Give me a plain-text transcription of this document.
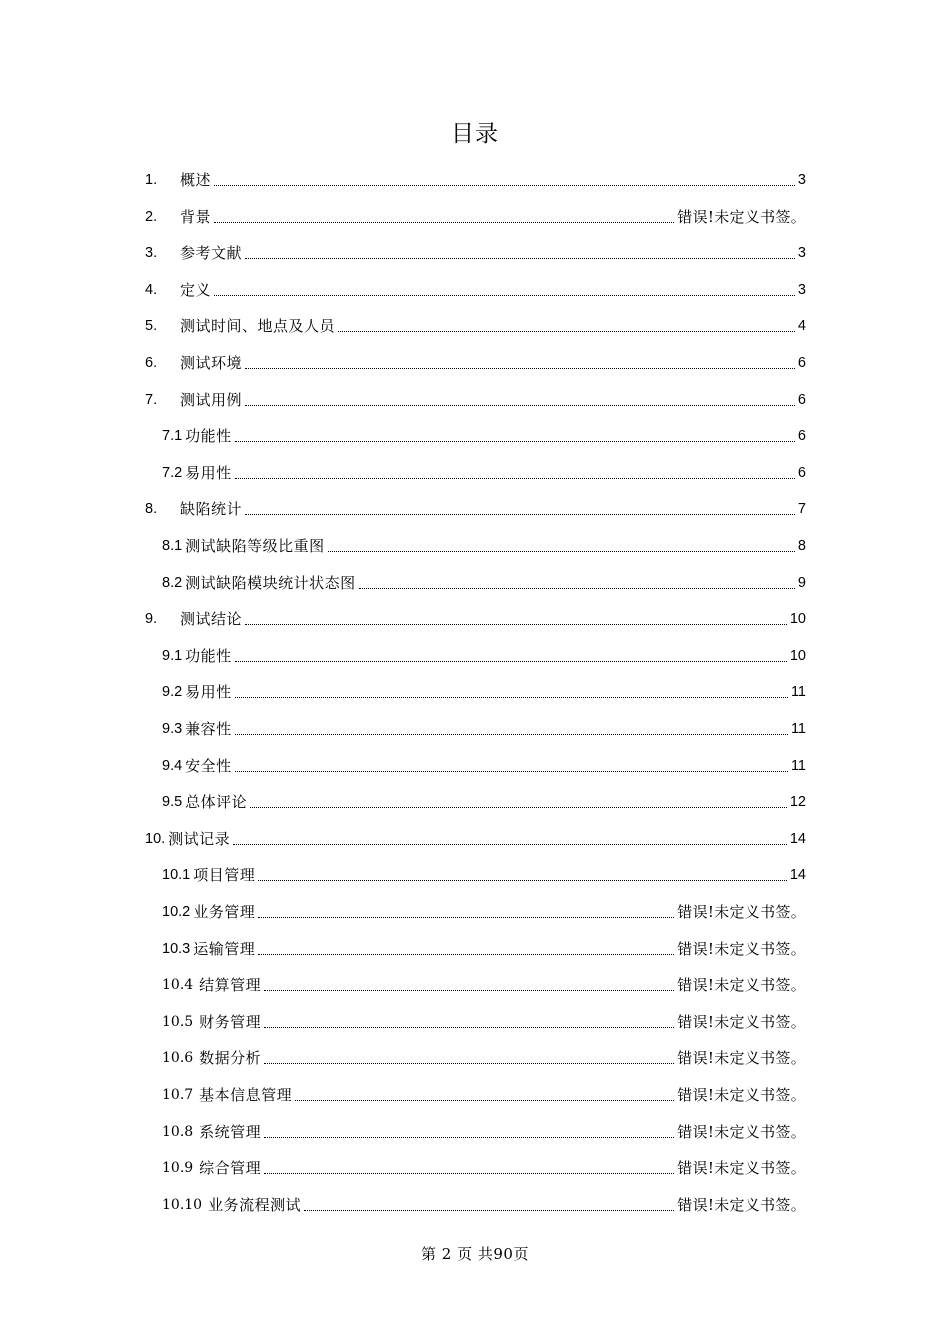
目录
1.	概述	3
2.	背景	错误!未定义书签。
3.	参考文献	3
4.	定义	3
5.	测试时间、地点及人员	4
6.	测试环境	6
7.	测试用例	6
7.1 功能性	6
7.2 易用性	6
8.	缺陷统计	7
8.1 测试缺陷等级比重图	8
8.2 测试缺陷模块统计状态图	9
9.	测试结论	10
9.1 功能性	10
9.2 易用性	11
9.3 兼容性	11
9.4 安全性	11
9.5 总体评论	12
10. 测试记录	14
10.1 项目管理	14
10.2 业务管理	错误!未定义书签。
10.3 运输管理	错误!未定义书签。
10.4 结算管理	错误!未定义书签。
10.5 财务管理	错误!未定义书签。
10.6 数据分析	错误!未定义书签。
10.7 基本信息管理	错误!未定义书签。
10.8 系统管理	错误!未定义书签。
10.9 综合管理	错误!未定义书签。
10.10 业务流程测试	错误!未定义书签。
第 2 页 共90页
